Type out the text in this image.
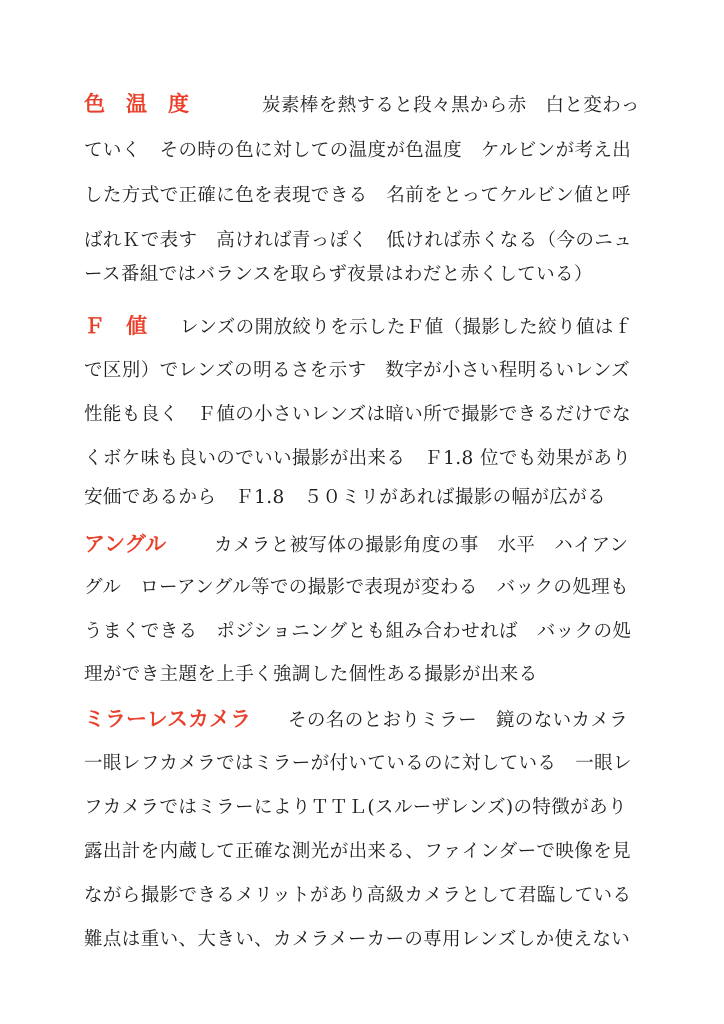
色　温　度	炭素棒を熱すると段々黒から赤　白と変わっ
ていく　その時の色に対しての温度が色温度　ケルビンが考え出
した方式で正確に色を表現できる　名前をとってケルビン値と呼
ばれＫで表す　高ければ青っぽく　低ければ赤くなる（今のニュ
ース番組ではバランスを取らず夜景はわだと赤くしている）
Ｆ　値 レンズの開放絞りを示したＦ値（撮影した絞り値はｆ
で区別）でレンズの明るさを示す　数字が小さい程明るいレンズ
性能も良く　Ｆ値の小さいレンズは暗い所で撮影できるだけでな
くボケ味も良いのでいい撮影が出来る　Ｆ1.8 位でも効果があり
安価であるから　Ｆ1.8　５０ミリがあれば撮影の幅が広がる
アングル	カメラと被写体の撮影角度の事　水平　ハイアン
グル　ローアングル等での撮影で表現が変わる　バックの処理も
うまくできる　ポジショニングとも組み合わせれば　バックの処
理ができ主題を上手く強調した個性ある撮影が出来る
ミラーレスカメラ その名のとおりミラー　鏡のないカメラ
一眼レフカメラではミラーが付いているのに対している　一眼レ
フカメラではミラーによりＴＴＬ(スルーザレンズ)の特徴があり
露出計を内蔵して正確な測光が出来る、ファインダーで映像を見
ながら撮影できるメリットがあり高級カメラとして君臨している
難点は重い、大きい、カメラメーカーの専用レンズしか使えない
